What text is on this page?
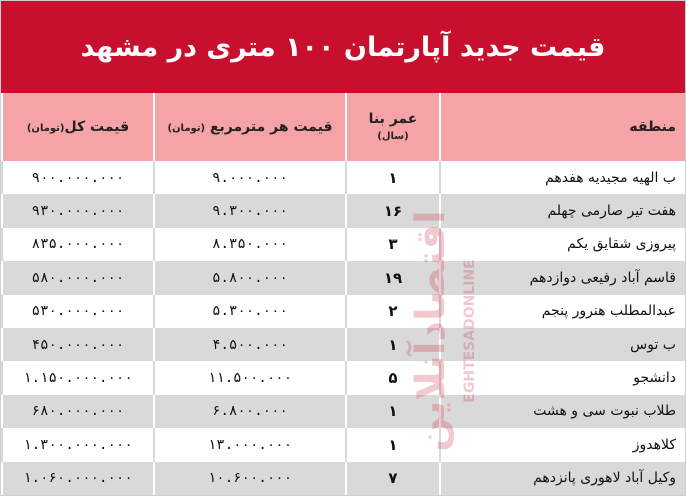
قیمت جدید آپارتمان ۱۰۰ متری در مشهد
منطقه	عمر بنا (سال)	قیمت هر مترمربع (تومان)	قیمت کل(تومان)
ب الهیه مجیدیه هفدهم	۱	۹.۰۰۰.۰۰۰	۹۰۰.۰۰۰.۰۰۰
هفت تیر صارمی چهلم	۱۶	۹.۳۰۰.۰۰۰	۹۳۰.۰۰۰.۰۰۰
پیروزی شقایق یکم	۳	۸.۳۵۰.۰۰۰	۸۳۵.۰۰۰.۰۰۰
قاسم آباد رفیعی دوازدهم	۱۹	۵.۸۰۰.۰۰۰	۵۸۰.۰۰۰.۰۰۰
عبدالمطلب هنرور پنجم	۲	۵.۳۰۰.۰۰۰	۵۳۰.۰۰۰.۰۰۰
ب توس	۱	۴.۵۰۰.۰۰۰	۴۵۰.۰۰۰.۰۰۰
دانشجو	۵	۱۱.۵۰۰.۰۰۰	۱.۱۵۰.۰۰۰.۰۰۰
طلاب نبوت سی و هشت	۱	۶.۸۰۰.۰۰۰	۶۸۰.۰۰۰.۰۰۰
کلاهدوز	۱	۱۳.۰۰۰.۰۰۰	۱.۳۰۰.۰۰۰.۰۰۰
وکیل آباد لاهوری پانزدهم	۷	۱۰.۶۰۰.۰۰۰	۱.۰۶۰.۰۰۰.۰۰۰
اقتصادآنلاین EGHTESADONLINE
